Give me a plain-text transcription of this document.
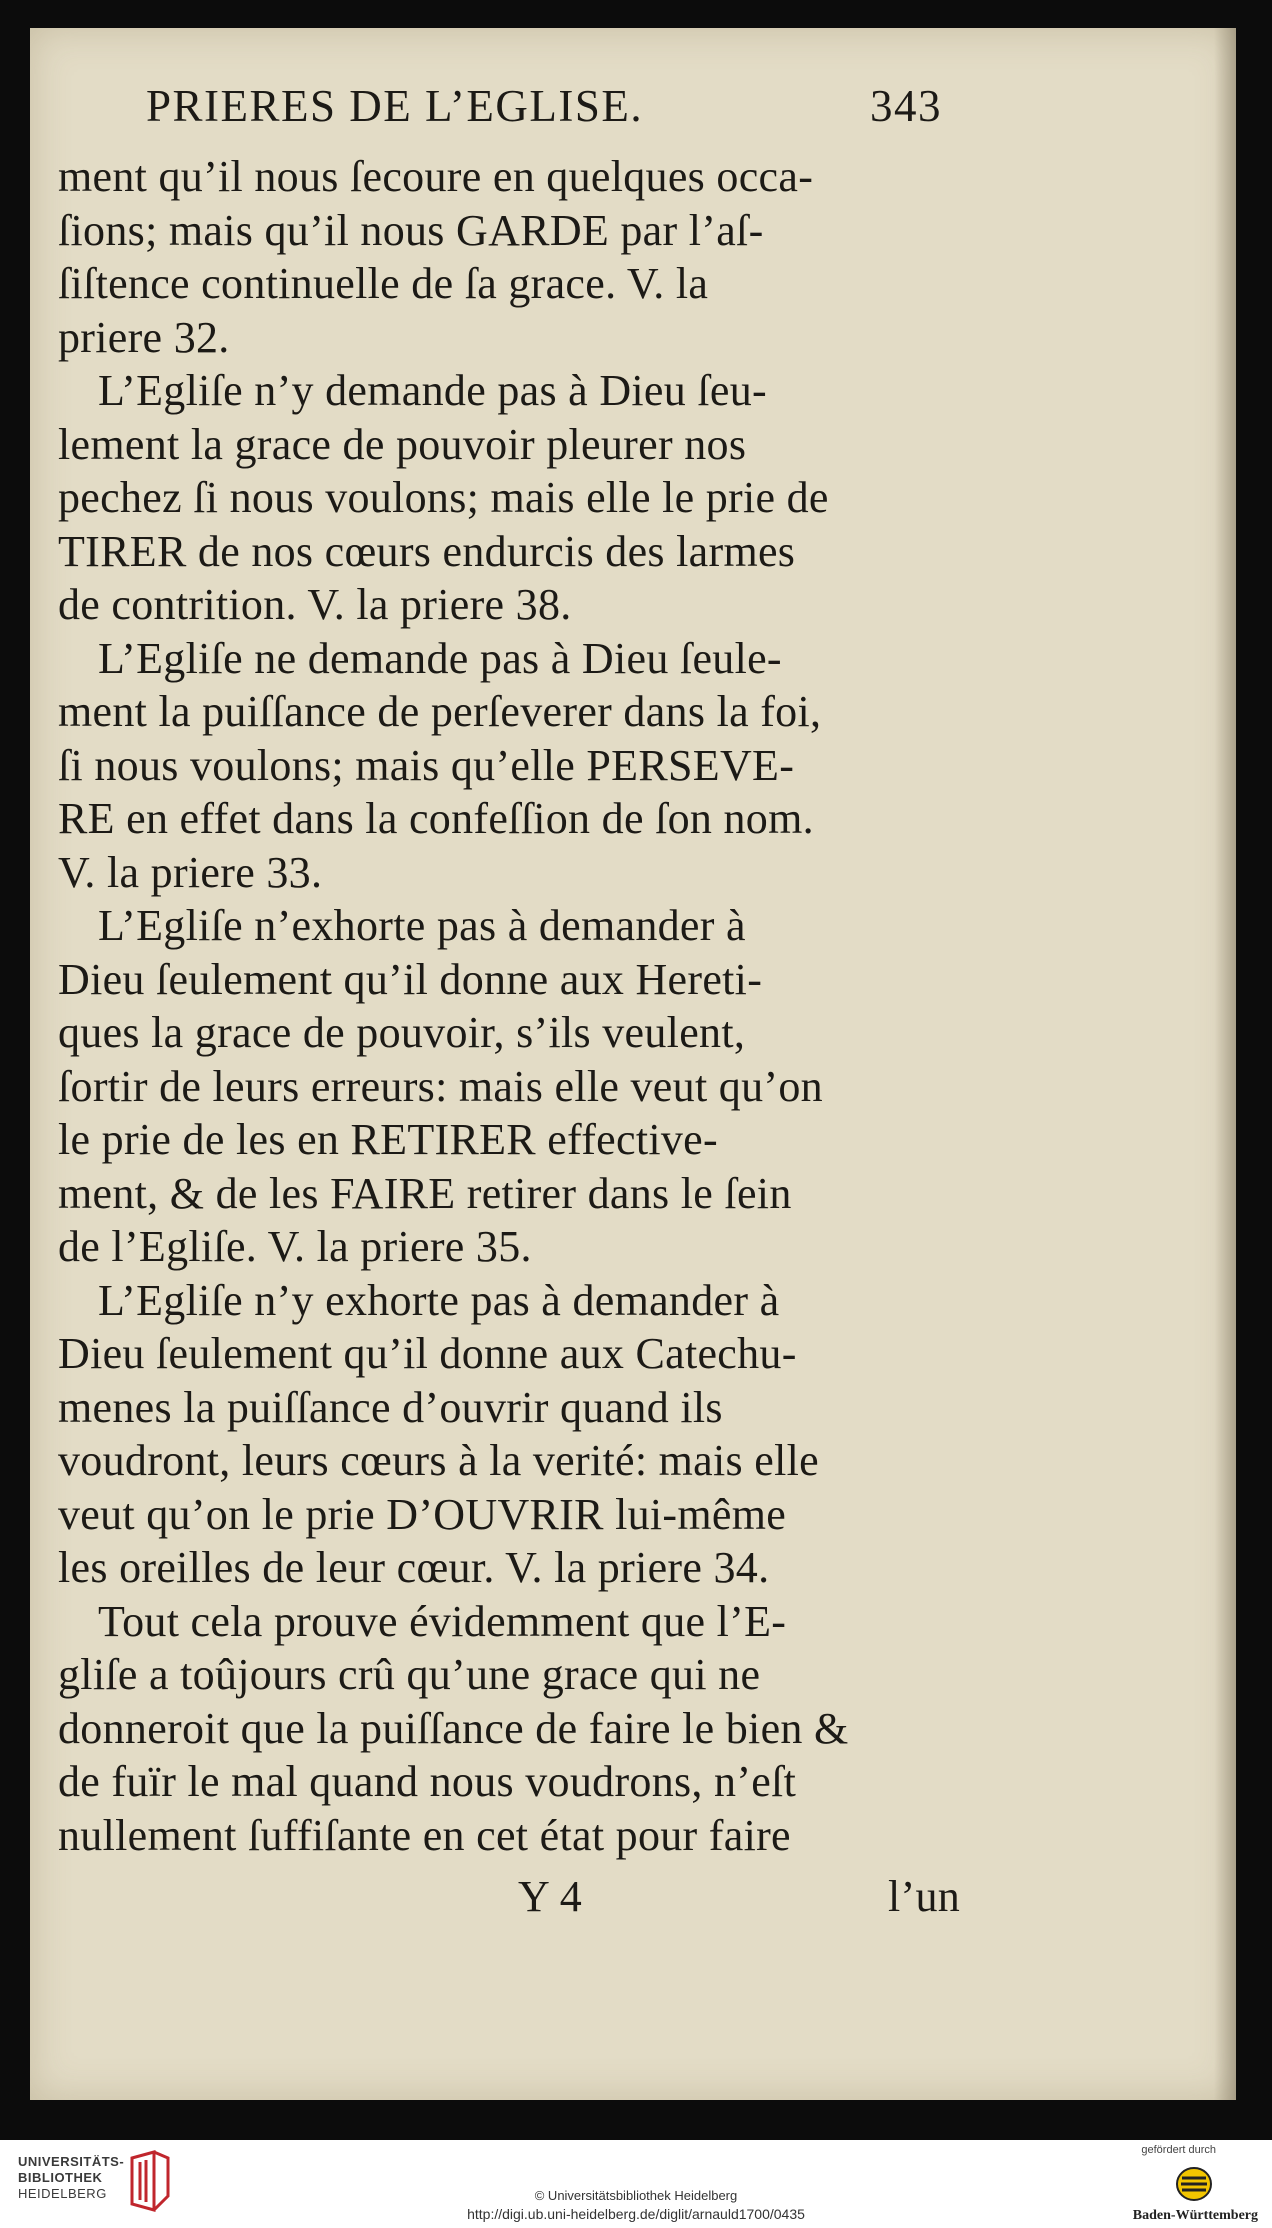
PRIERES DE L’EGLISE.	343
ment qu’il nous ſecoure en quelques occa-
ſions; mais qu’il nous GARDE par l’aſ-
ſiſtence continuelle de ſa grace. V. la
priere 32.
L’Egliſe n’y demande pas à Dieu ſeu-
lement la grace de pouvoir pleurer nos
pechez ſi nous voulons; mais elle le prie de
TIRER de nos cœurs endurcis des larmes
de contrition. V. la priere 38.
L’Egliſe ne demande pas à Dieu ſeule-
ment la puiſſance de perſeverer dans la foi,
ſi nous voulons; mais qu’elle PERSEVE-
RE en effet dans la confeſſion de ſon nom.
V. la priere 33.
L’Egliſe n’exhorte pas à demander à
Dieu ſeulement qu’il donne aux Hereti-
ques la grace de pouvoir, s’ils veulent,
ſortir de leurs erreurs: mais elle veut qu’on
le prie de les en RETIRER effective-
ment, & de les FAIRE retirer dans le ſein
de l’Egliſe. V. la priere 35.
L’Egliſe n’y exhorte pas à demander à
Dieu ſeulement qu’il donne aux Catechu-
menes la puiſſance d’ouvrir quand ils
voudront, leurs cœurs à la verité: mais elle
veut qu’on le prie D’OUVRIR lui-même
les oreilles de leur cœur. V. la priere 34.
Tout cela prouve évidemment que l’E-
gliſe a toûjours crû qu’une grace qui ne
donneroit que la puiſſance de faire le bien &
de fuïr le mal quand nous voudrons, n’eſt
nullement ſuffiſante en cet état pour faire
Y 4	l’un
UNIVERSITÄTS-
BIBLIOTHEK
HEIDELBERG	© Universitätsbibliothek Heidelberg
http://digi.ub.uni-heidelberg.de/diglit/arnauld1700/0435
gefördert durch
Baden-Württemberg
